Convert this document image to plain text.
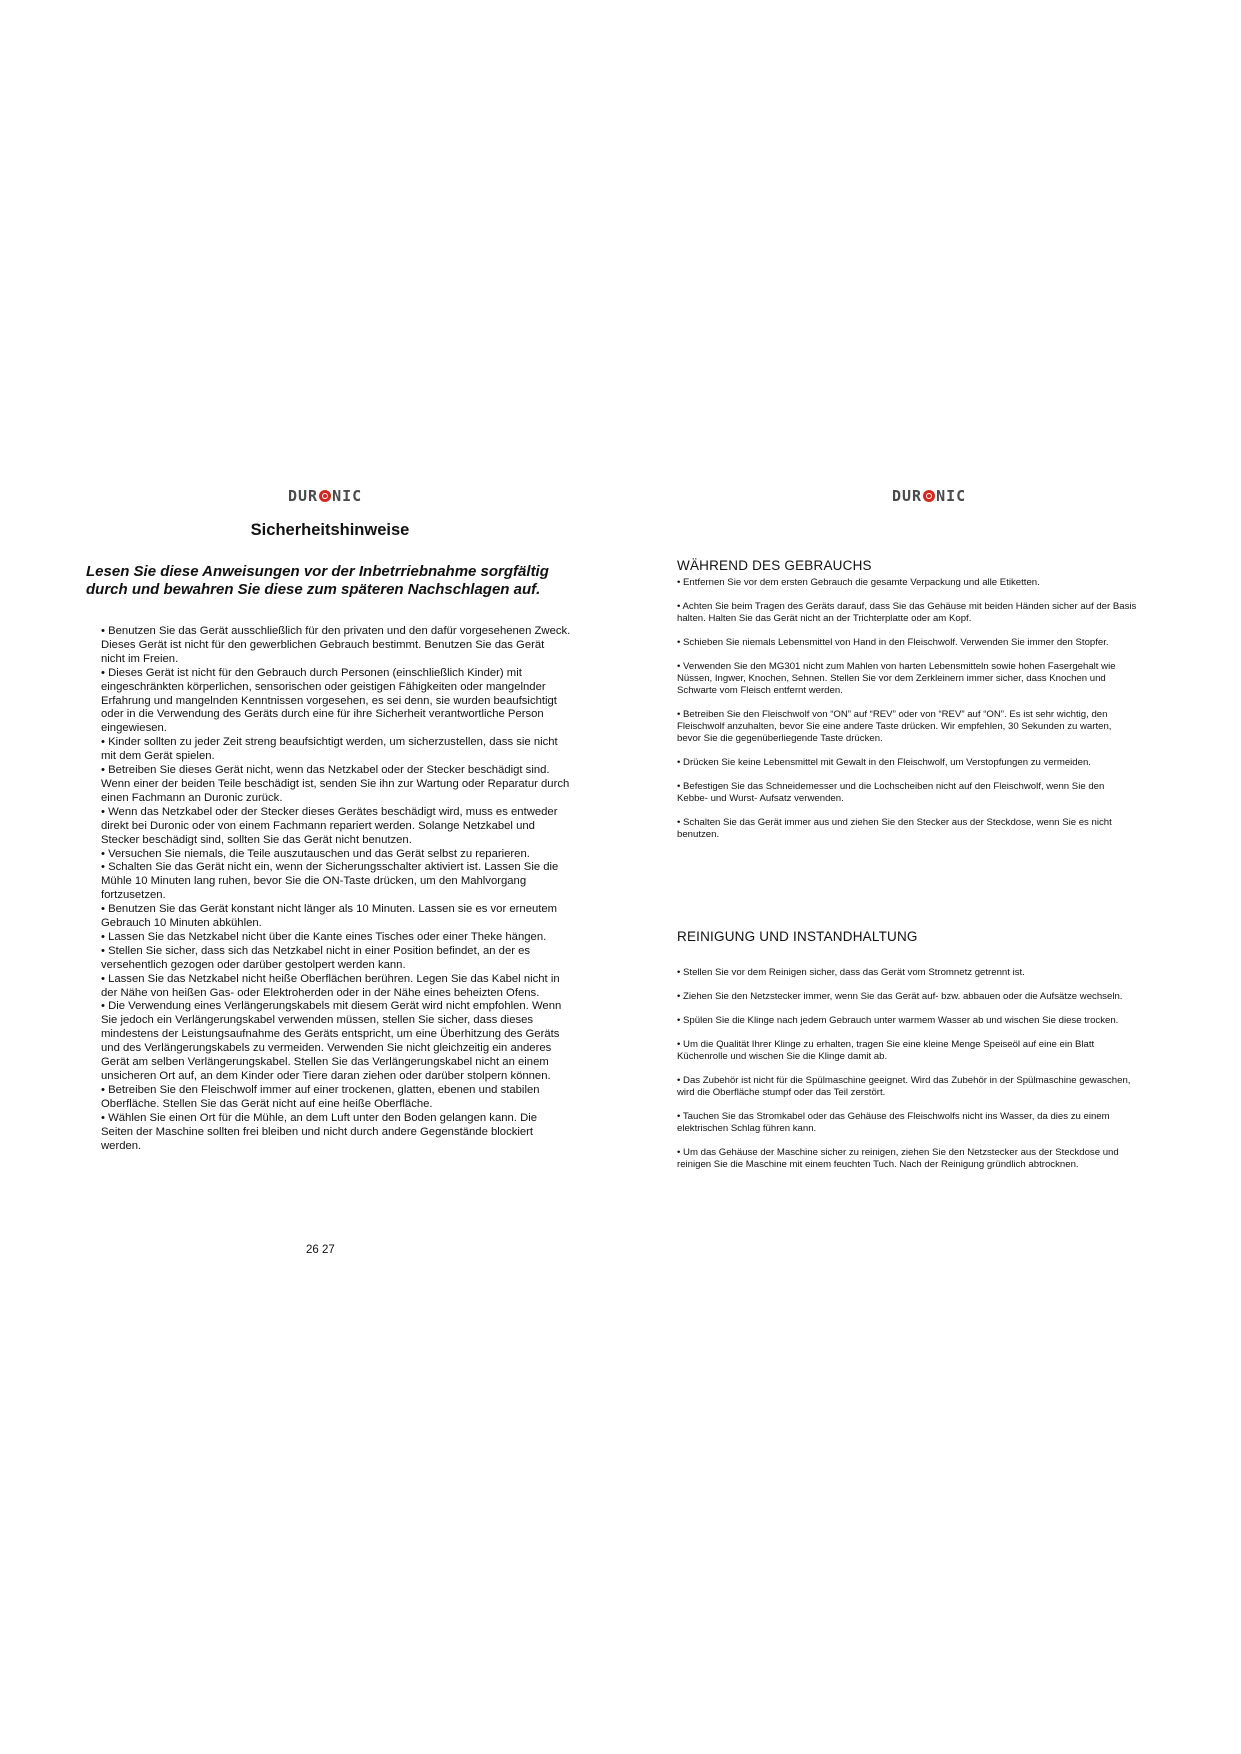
DUR NIC
Sicherheitshinweise

Lesen Sie diese Anweisungen vor der Inbetrriebnahme sorgfältig durch und bewahren Sie diese zum späteren Nachschlagen auf.

• Benutzen Sie das Gerät ausschließlich für den privaten und den dafür vorgesehenen Zweck. Dieses Gerät ist nicht für den gewerblichen Gebrauch bestimmt. Benutzen Sie das Gerät nicht im Freien.

• Dieses Gerät ist nicht für den Gebrauch durch Personen (einschließlich Kinder) mit eingeschränkten körperlichen, sensorischen oder geistigen Fähigkeiten oder mangelnder Erfahrung und mangelnden Kenntnissen vorgesehen, es sei denn, sie wurden beaufsichtigt oder in die Verwendung des Geräts durch eine für ihre Sicherheit verantwortliche Person eingewiesen.

• Kinder sollten zu jeder Zeit streng beaufsichtigt werden, um sicherzustellen, dass sie nicht mit dem Gerät spielen.

• Betreiben Sie dieses Gerät nicht, wenn das Netzkabel oder der Stecker beschädigt sind. Wenn einer der beiden Teile beschädigt ist, senden Sie ihn zur Wartung oder Reparatur durch einen Fachmann an Duronic zurück.

• Wenn das Netzkabel oder der Stecker dieses Gerätes beschädigt wird, muss es entweder direkt bei Duronic oder von einem Fachmann repariert werden. Solange Netzkabel und Stecker beschädigt sind, sollten Sie das Gerät nicht benutzen.

• Versuchen Sie niemals, die Teile auszutauschen und das Gerät selbst zu reparieren.

• Schalten Sie das Gerät nicht ein, wenn der Sicherungsschalter aktiviert ist. Lassen Sie die Mühle 10 Minuten lang ruhen, bevor Sie die ON-Taste drücken, um den Mahlvorgang fortzusetzen.

• Benutzen Sie das Gerät konstant nicht länger als 10 Minuten. Lassen sie es vor erneutem Gebrauch 10 Minuten abkühlen.

• Lassen Sie das Netzkabel nicht über die Kante eines Tisches oder einer Theke hängen.

• Stellen Sie sicher, dass sich das Netzkabel nicht in einer Position befindet, an der es versehentlich gezogen oder darüber gestolpert werden kann.

• Lassen Sie das Netzkabel nicht heiße Oberflächen berühren. Legen Sie das Kabel nicht in der Nähe von heißen Gas- oder Elektroherden oder in der Nähe eines beheizten Ofens.

• Die Verwendung eines Verlängerungskabels mit diesem Gerät wird nicht empfohlen. Wenn Sie jedoch ein Verlängerungskabel verwenden müssen, stellen Sie sicher, dass dieses mindestens der Leistungsaufnahme des Geräts entspricht, um eine Überhitzung des Geräts und des Verlängerungskabels zu vermeiden. Verwenden Sie nicht gleichzeitig ein anderes Gerät am selben Verlängerungskabel. Stellen Sie das Verlängerungskabel nicht an einem unsicheren Ort auf, an dem Kinder oder Tiere daran ziehen oder darüber stolpern können.

• Betreiben Sie den Fleischwolf immer auf einer trockenen, glatten, ebenen und stabilen Oberfläche. Stellen Sie das Gerät nicht auf eine heiße Oberfläche.

• Wählen Sie einen Ort für die Mühle, an dem Luft unter den Boden gelangen kann. Die Seiten der Maschine sollten frei bleiben und nicht durch andere Gegenstände blockiert werden.

26 27
DUR NIC
WÄHREND DES GEBRAUCHS

• Entfernen Sie vor dem ersten Gebrauch die gesamte Verpackung und alle Etiketten.

• Achten Sie beim Tragen des Geräts darauf, dass Sie das Gehäuse mit beiden Händen sicher auf der Basis halten. Halten Sie das Gerät nicht an der Trichterplatte oder am Kopf.

• Schieben Sie niemals Lebensmittel von Hand in den Fleischwolf. Verwenden Sie immer den Stopfer.

• Verwenden Sie den MG301 nicht zum Mahlen von harten Lebensmitteln sowie hohen Fasergehalt wie Nüssen, Ingwer, Knochen, Sehnen. Stellen Sie vor dem Zerkleinern immer sicher, dass Knochen und Schwarte vom Fleisch entfernt werden.

• Betreiben Sie den Fleischwolf von “ON” auf “REV” oder von “REV” auf “ON”. Es ist sehr wichtig, den Fleischwolf anzuhalten, bevor Sie eine andere Taste drücken. Wir empfehlen, 30 Sekunden zu warten, bevor Sie die gegenüberliegende Taste drücken.

• Drücken Sie keine Lebensmittel mit Gewalt in den Fleischwolf, um Verstopfungen zu vermeiden.

• Befestigen Sie das Schneidemesser und die Lochscheiben nicht auf den Fleischwolf, wenn Sie den Kebbe- und Wurst- Aufsatz verwenden.

• Schalten Sie das Gerät immer aus und ziehen Sie den Stecker aus der Steckdose, wenn Sie es nicht benutzen.

REINIGUNG UND INSTANDHALTUNG

• Stellen Sie vor dem Reinigen sicher, dass das Gerät vom Stromnetz getrennt ist.

• Ziehen Sie den Netzstecker immer, wenn Sie das Gerät auf- bzw. abbauen oder die Aufsätze wechseln.

• Spülen Sie die Klinge nach jedem Gebrauch unter warmem Wasser ab und wischen Sie diese trocken.

• Um die Qualität Ihrer Klinge zu erhalten, tragen Sie eine kleine Menge Speiseöl auf eine ein Blatt Küchenrolle und wischen Sie die Klinge damit ab.

• Das Zubehör ist nicht für die Spülmaschine geeignet. Wird das Zubehör in der Spülmaschine gewaschen, wird die Oberfläche stumpf oder das Teil zerstört.

• Tauchen Sie das Stromkabel oder das Gehäuse des Fleischwolfs nicht ins Wasser, da dies zu einem elektrischen Schlag führen kann.

• Um das Gehäuse der Maschine sicher zu reinigen, ziehen Sie den Netzstecker aus der Steckdose und reinigen Sie die Maschine mit einem feuchten Tuch. Nach der Reinigung gründlich abtrocknen.
